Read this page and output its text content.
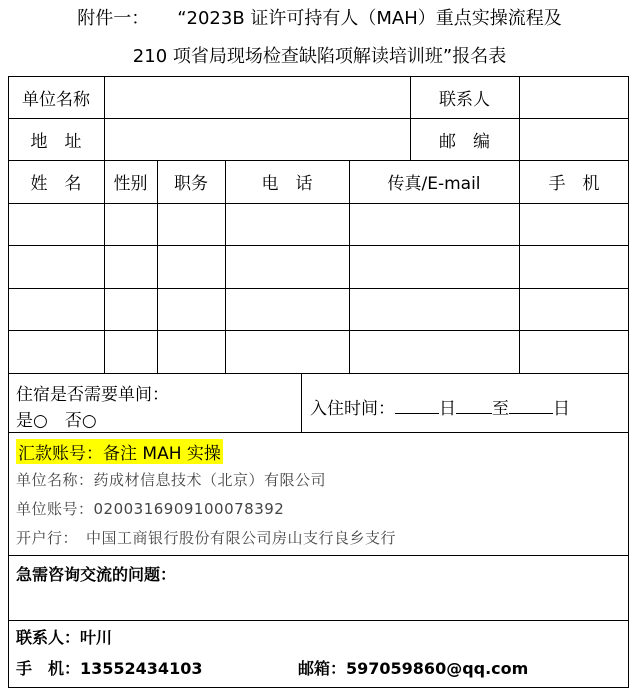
附件一： “2023B 证许可持有人（MAH）重点实操流程及
210 项省局现场检查缺陷项解读培训班”报名表
单位名称	联系人
地　址	邮　编
姓　名	性别	职务	电　话	传真/E-mail	手　机
住宿是否需要单间：
是○　否○
入住时间：	日 至	日
汇款账号：备注 MAH 实操
单位名称：药成材信息技术（北京）有限公司
单位账号：0200316909100078392
开户行：　中国工商银行股份有限公司房山支行良乡支行
急需咨询交流的问题：
联系人：叶川
手　机：13552434103	邮箱：597059860@qq.com
